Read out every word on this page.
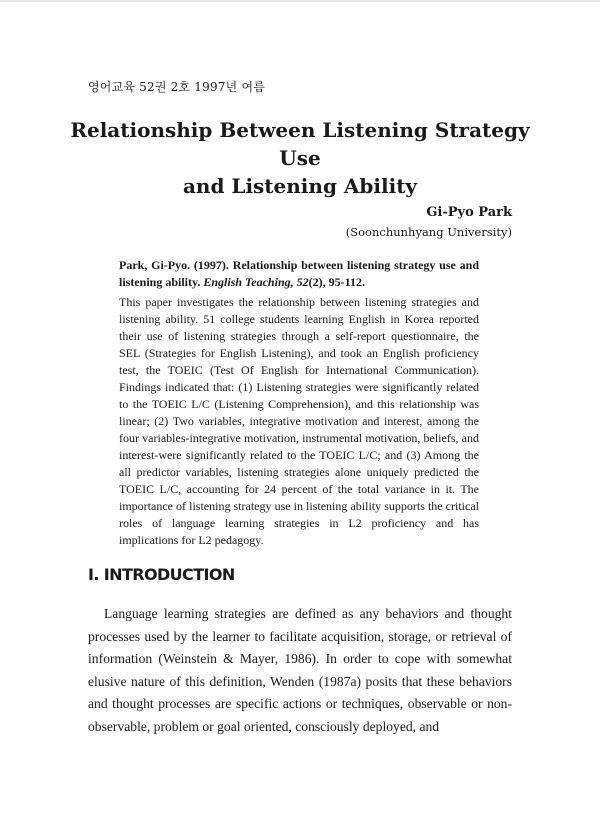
영어교육 52권 2호 1997년 여름
Relationship Between Listening Strategy Use
and Listening Ability
Gi-Pyo Park
(Soonchunhyang University)

Park, Gi-Pyo. (1997). Relationship between listening strategy use and listening ability. English Teaching, 52(2), 95-112.

This paper investigates the relationship between listening strategies and listening ability. 51 college students learning English in Korea reported their use of listening strategies through a self-report questionnaire, the SEL (Strategies for English Listening), and took an English proficiency test, the TOEIC (Test Of English for International Communication). Findings indicated that: (1) Listening strategies were significantly related to the TOEIC L/C (Listening Comprehension), and this relationship was linear; (2) Two variables, integrative motivation and interest, among the four variables-integrative motivation, instrumental motivation, beliefs, and interest-were significantly related to the TOEIC L/C; and (3) Among the all predictor variables, listening strategies alone uniquely predicted the TOEIC L/C, accounting for 24 percent of the total variance in it. The importance of listening strategy use in listening ability supports the critical roles of language learning strategies in L2 proficiency and has implications for L2 pedagogy.

I. INTRODUCTION

Language learning strategies are defined as any behaviors and thought processes used by the learner to facilitate acquisition, storage, or retrieval of information (Weinstein & Mayer, 1986). In order to cope with somewhat elusive nature of this definition, Wenden (1987a) posits that these behaviors and thought processes are specific actions or techniques, observable or non-observable, problem or goal oriented, consciously deployed, and
